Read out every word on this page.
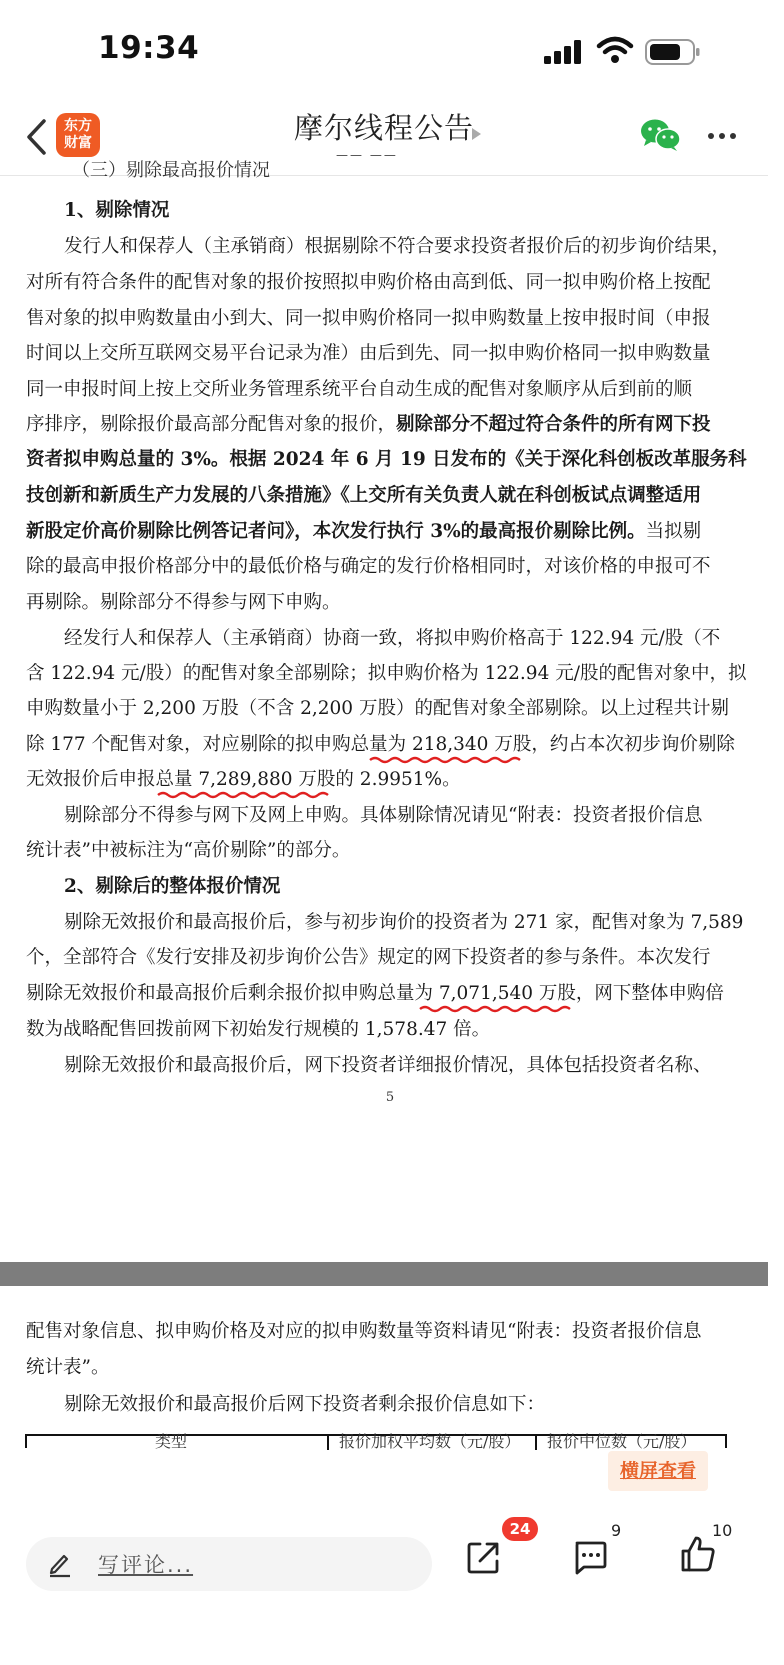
19:34
东方
财富	摩尔线程公告
—— ——
（三）剔除最高报价情况
1、剔除情况
发行人和保荐人（主承销商）根据剔除不符合要求投资者报价后的初步询价结果，
对所有符合条件的配售对象的报价按照拟申购价格由高到低、同一拟申购价格上按配
售对象的拟申购数量由小到大、同一拟申购价格同一拟申购数量上按申报时间（申报
时间以上交所互联网交易平台记录为准）由后到先、同一拟申购价格同一拟申购数量
同一申报时间上按上交所业务管理系统平台自动生成的配售对象顺序从后到前的顺
序排序，剔除报价最高部分配售对象的报价，剔除部分不超过符合条件的所有网下投
资者拟申购总量的 3%。根据 2024 年 6 月 19 日发布的《关于深化科创板改革服务科
技创新和新质生产力发展的八条措施》《上交所有关负责人就在科创板试点调整适用
新股定价高价剔除比例答记者问》，本次发行执行 3%的最高报价剔除比例。当拟剔
除的最高申报价格部分中的最低价格与确定的发行价格相同时，对该价格的申报可不
再剔除。剔除部分不得参与网下申购。
经发行人和保荐人（主承销商）协商一致，将拟申购价格高于 122.94 元/股（不
含 122.94 元/股）的配售对象全部剔除；拟申购价格为 122.94 元/股的配售对象中，拟
申购数量小于 2,200 万股（不含 2,200 万股）的配售对象全部剔除。以上过程共计剔
除 177 个配售对象，对应剔除的拟申购总量为 218,340 万股，约占本次初步询价剔除
无效报价后申报总量 7,289,880 万股的 2.9951%。
剔除部分不得参与网下及网上申购。具体剔除情况请见“附表：投资者报价信息
统计表”中被标注为“高价剔除”的部分。
2、剔除后的整体报价情况
剔除无效报价和最高报价后，参与初步询价的投资者为 271 家，配售对象为 7,589
个，全部符合《发行安排及初步询价公告》规定的网下投资者的参与条件。本次发行
剔除无效报价和最高报价后剩余报价拟申购总量为 7,071,540 万股，网下整体申购倍
数为战略配售回拨前网下初始发行规模的 1,578.47 倍。
剔除无效报价和最高报价后，网下投资者详细报价情况，具体包括投资者名称、
5
配售对象信息、拟申购价格及对应的拟申购数量等资料请见“附表：投资者报价信息
统计表”。
剔除无效报价和最高报价后网下投资者剩余报价信息如下：
类型	报价加权平均数（元/股） 报价中位数（元/股）
横屏查看
写评论...
24	9	10
